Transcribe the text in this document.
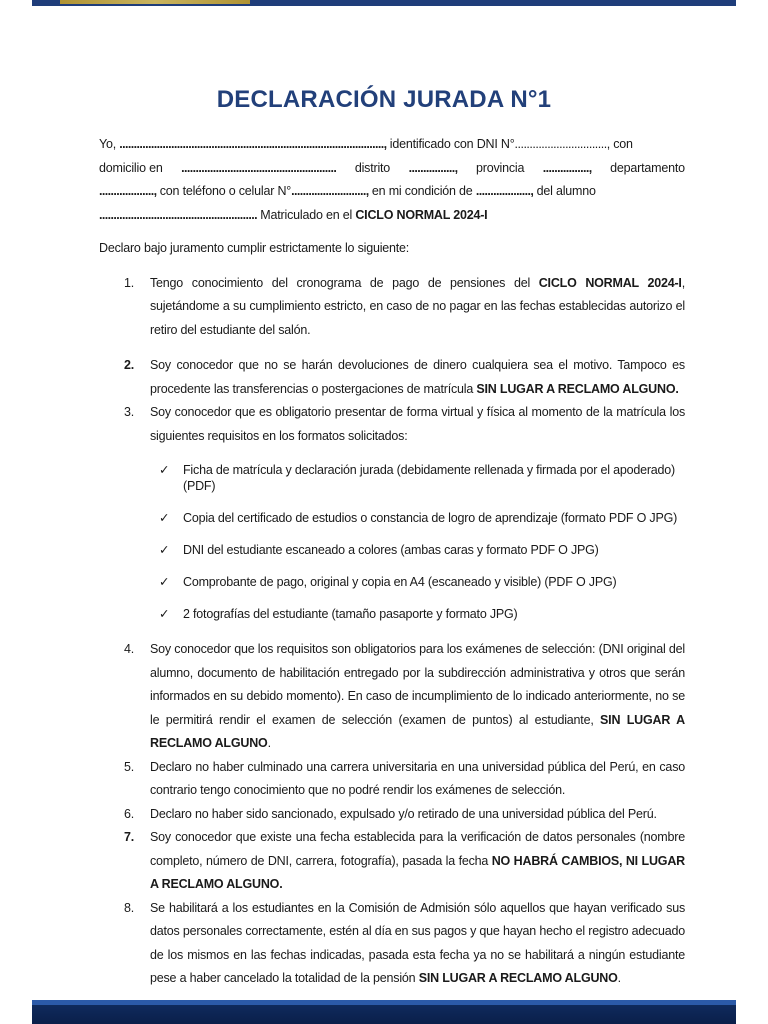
DECLARACIÓN JURADA N°1
Yo, ............................................................................................, identificado con DNI N°..............................., con
domicilio en ...................................................... distrito ................, provincia ................, departamento
..................., con teléfono o celular N°.........................., en mi condición de ..................., del alumno
....................................................... Matriculado en el CICLO NORMAL 2024-I
Declaro bajo juramento cumplir estrictamente lo siguiente:
1.	Tengo conocimiento del cronograma de pago de pensiones del CICLO NORMAL 2024-I, sujetándome a su cumplimiento estricto, en caso de no pagar en las fechas establecidas autorizo el retiro del estudiante del salón.
2.	Soy conocedor que no se harán devoluciones de dinero cualquiera sea el motivo. Tampoco es procedente las transferencias o postergaciones de matrícula SIN LUGAR A RECLAMO ALGUNO.
3.	Soy conocedor que es obligatorio presentar de forma virtual y física al momento de la matrícula los siguientes requisitos en los formatos solicitados:
✓	Ficha de matrícula y declaración jurada (debidamente rellenada y firmada por el apoderado) (PDF)
✓	Copia del certificado de estudios o constancia de logro de aprendizaje (formato PDF O JPG)
✓	DNI del estudiante escaneado a colores (ambas caras y formato PDF O JPG)
✓	Comprobante de pago, original y copia en A4 (escaneado y visible) (PDF O JPG)
✓	2 fotografías del estudiante (tamaño pasaporte y formato JPG)
4.	Soy conocedor que los requisitos son obligatorios para los exámenes de selección: (DNI original del alumno, documento de habilitación entregado por la subdirección administrativa y otros que serán informados en su debido momento). En caso de incumplimiento de lo indicado anteriormente, no se le permitirá rendir el examen de selección (examen de puntos) al estudiante, SIN LUGAR A RECLAMO ALGUNO.
5.	Declaro no haber culminado una carrera universitaria en una universidad pública del Perú, en caso contrario tengo conocimiento que no podré rendir los exámenes de selección.
6.	Declaro no haber sido sancionado, expulsado y/o retirado de una universidad pública del Perú.
7.	Soy conocedor que existe una fecha establecida para la verificación de datos personales (nombre completo, número de DNI, carrera, fotografía), pasada la fecha NO HABRÁ CAMBIOS, NI LUGAR A RECLAMO ALGUNO.
8.	Se habilitará a los estudiantes en la Comisión de Admisión sólo aquellos que hayan verificado sus datos personales correctamente, estén al día en sus pagos y que hayan hecho el registro adecuado de los mismos en las fechas indicadas, pasada esta fecha ya no se habilitará a ningún estudiante pese a haber cancelado la totalidad de la pensión SIN LUGAR A RECLAMO ALGUNO.
